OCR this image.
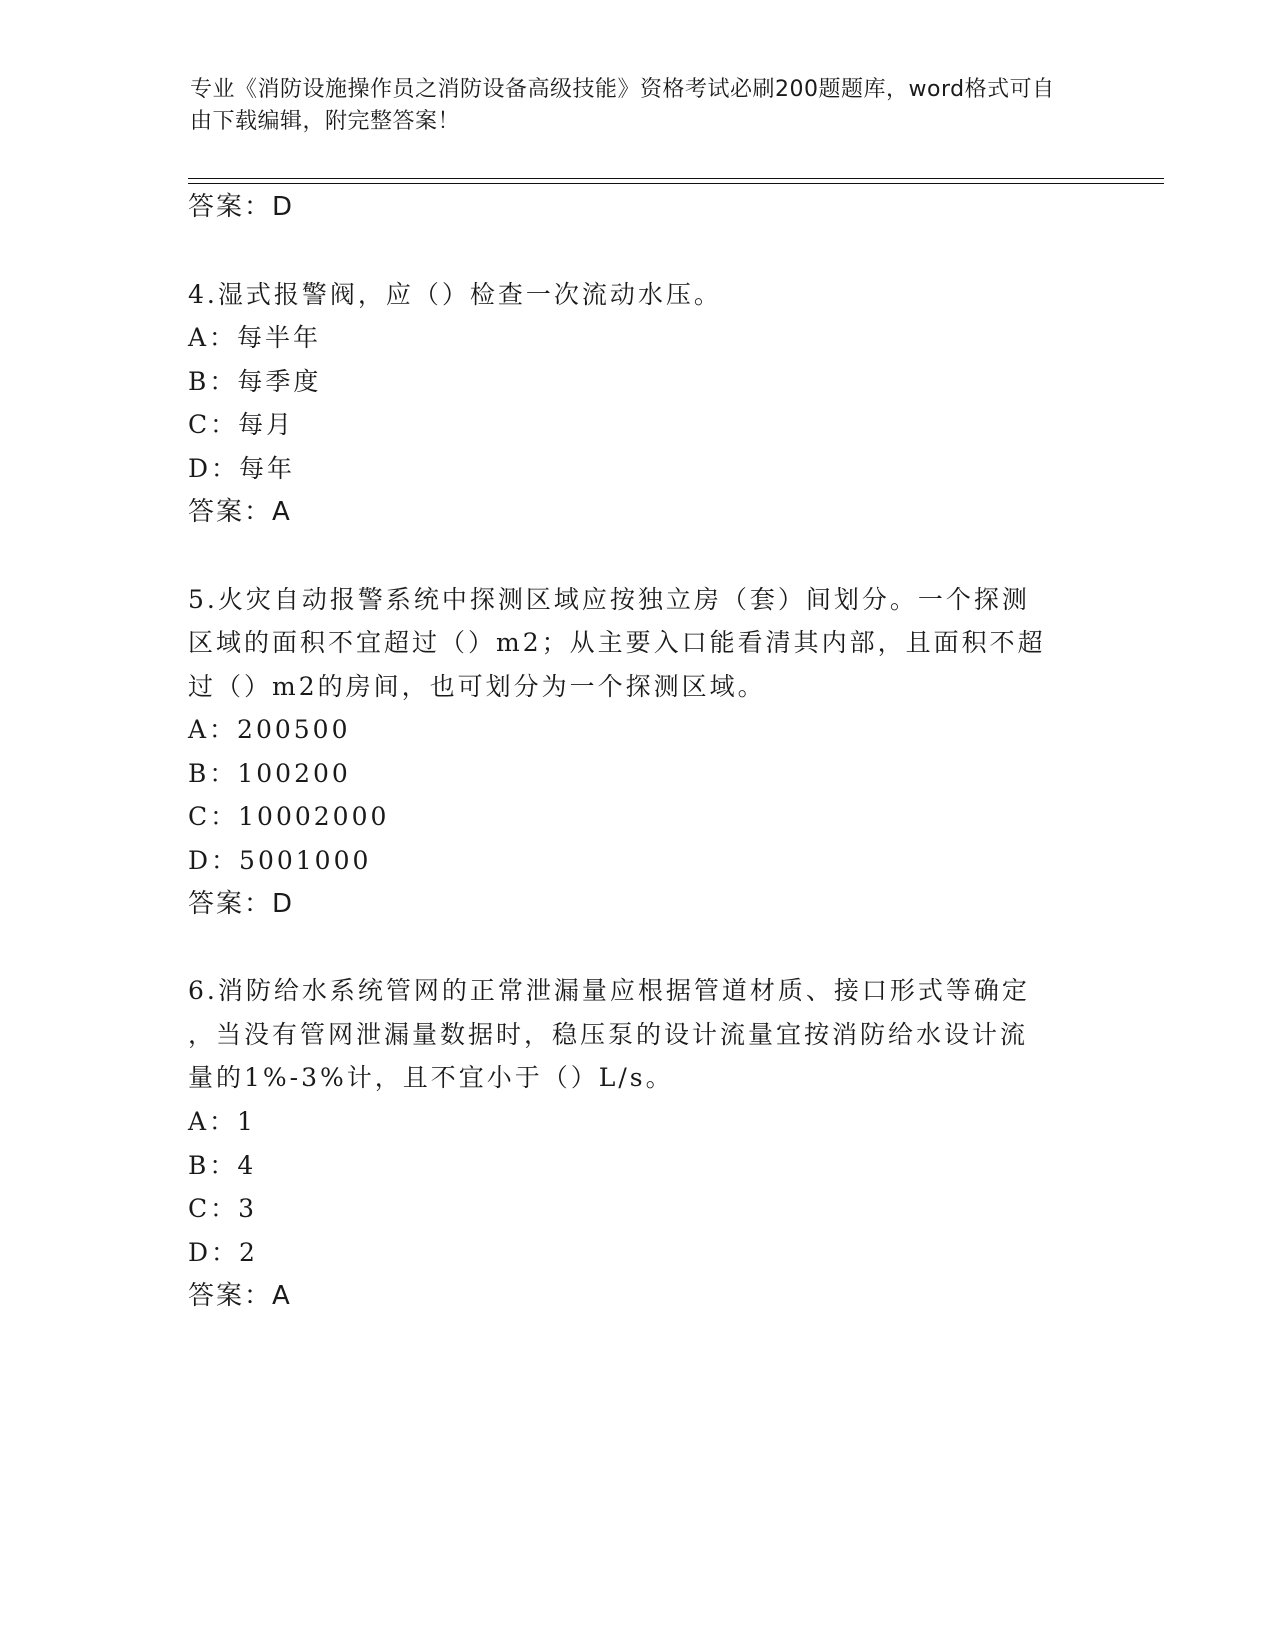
专业《消防设施操作员之消防设备高级技能》资格考试必刷200题题库，word格式可自由下载编辑，附完整答案！
答案：D
4.湿式报警阀，应（）检查一次流动水压。
A：每半年
B：每季度
C：每月
D：每年
答案：A
5.火灾自动报警系统中探测区域应按独立房（套）间划分。一个探测
区域的面积不宜超过（）m2；从主要入口能看清其内部，且面积不超
过（）m2的房间，也可划分为一个探测区域。
A：200500
B：100200
C：10002000
D：5001000
答案：D
6.消防给水系统管网的正常泄漏量应根据管道材质、接口形式等确定
，当没有管网泄漏量数据时，稳压泵的设计流量宜按消防给水设计流
量的1%-3%计，且不宜小于（）L/s。
A：1
B：4
C：3
D：2
答案：A
